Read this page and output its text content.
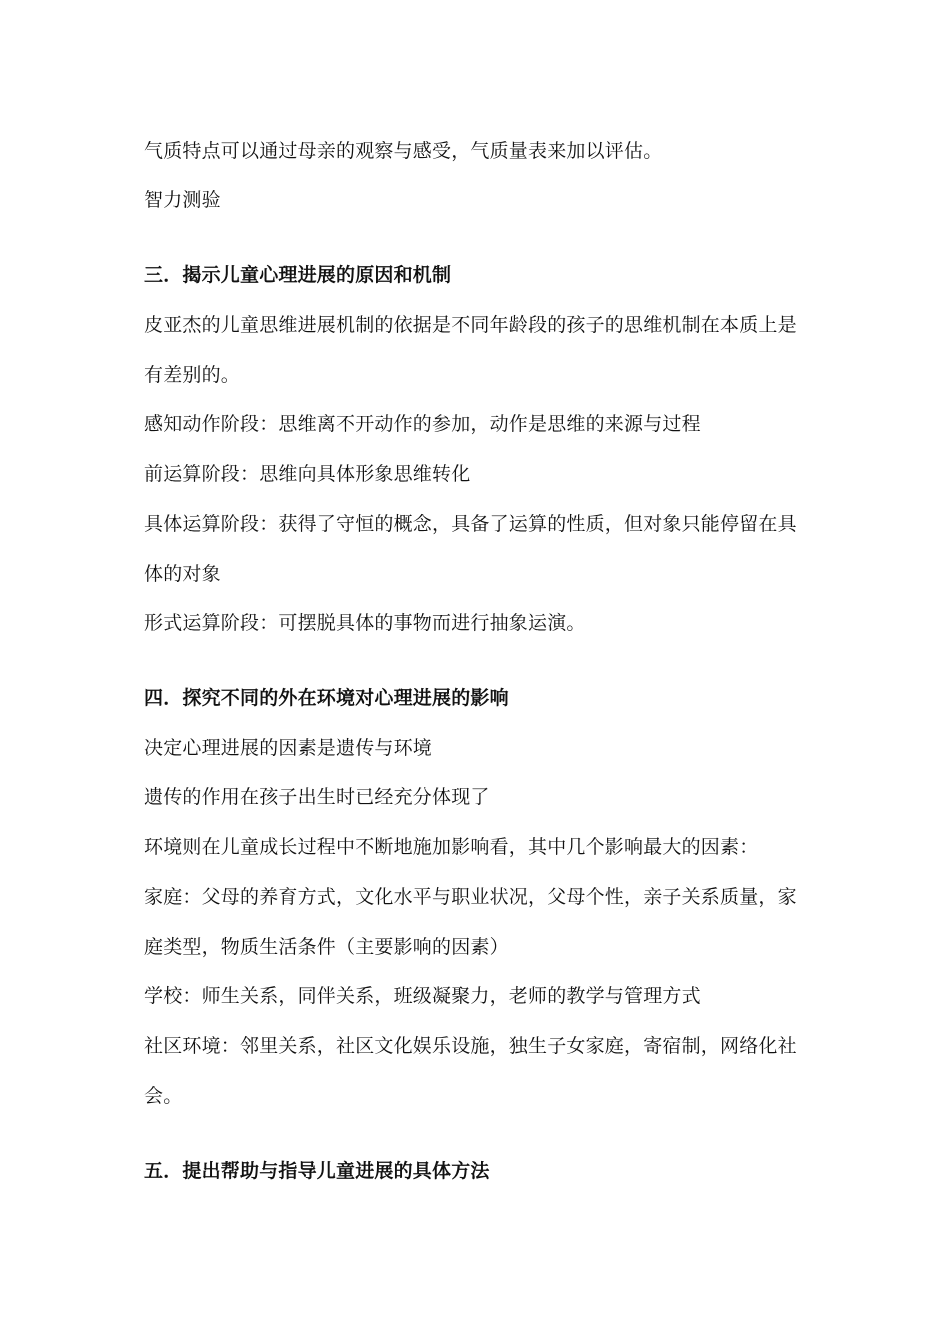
气质特点可以通过母亲的观察与感受，气质量表来加以评估。
智力测验
三．揭示儿童心理进展的原因和机制
皮亚杰的儿童思维进展机制的依据是不同年龄段的孩子的思维机制在本质上是
有差别的。
感知动作阶段：思维离不开动作的参加，动作是思维的来源与过程
前运算阶段：思维向具体形象思维转化
具体运算阶段：获得了守恒的概念，具备了运算的性质，但对象只能停留在具
体的对象
形式运算阶段：可摆脱具体的事物而进行抽象运演。
四．探究不同的外在环境对心理进展的影响
决定心理进展的因素是遗传与环境
遗传的作用在孩子出生时已经充分体现了
环境则在儿童成长过程中不断地施加影响看，其中几个影响最大的因素：
家庭：父母的养育方式，文化水平与职业状况，父母个性，亲子关系质量，家
庭类型，物质生活条件（主要影响的因素）
学校：师生关系，同伴关系，班级凝聚力，老师的教学与管理方式
社区环境：邻里关系，社区文化娱乐设施，独生子女家庭，寄宿制，网络化社
会。
五．提出帮助与指导儿童进展的具体方法
